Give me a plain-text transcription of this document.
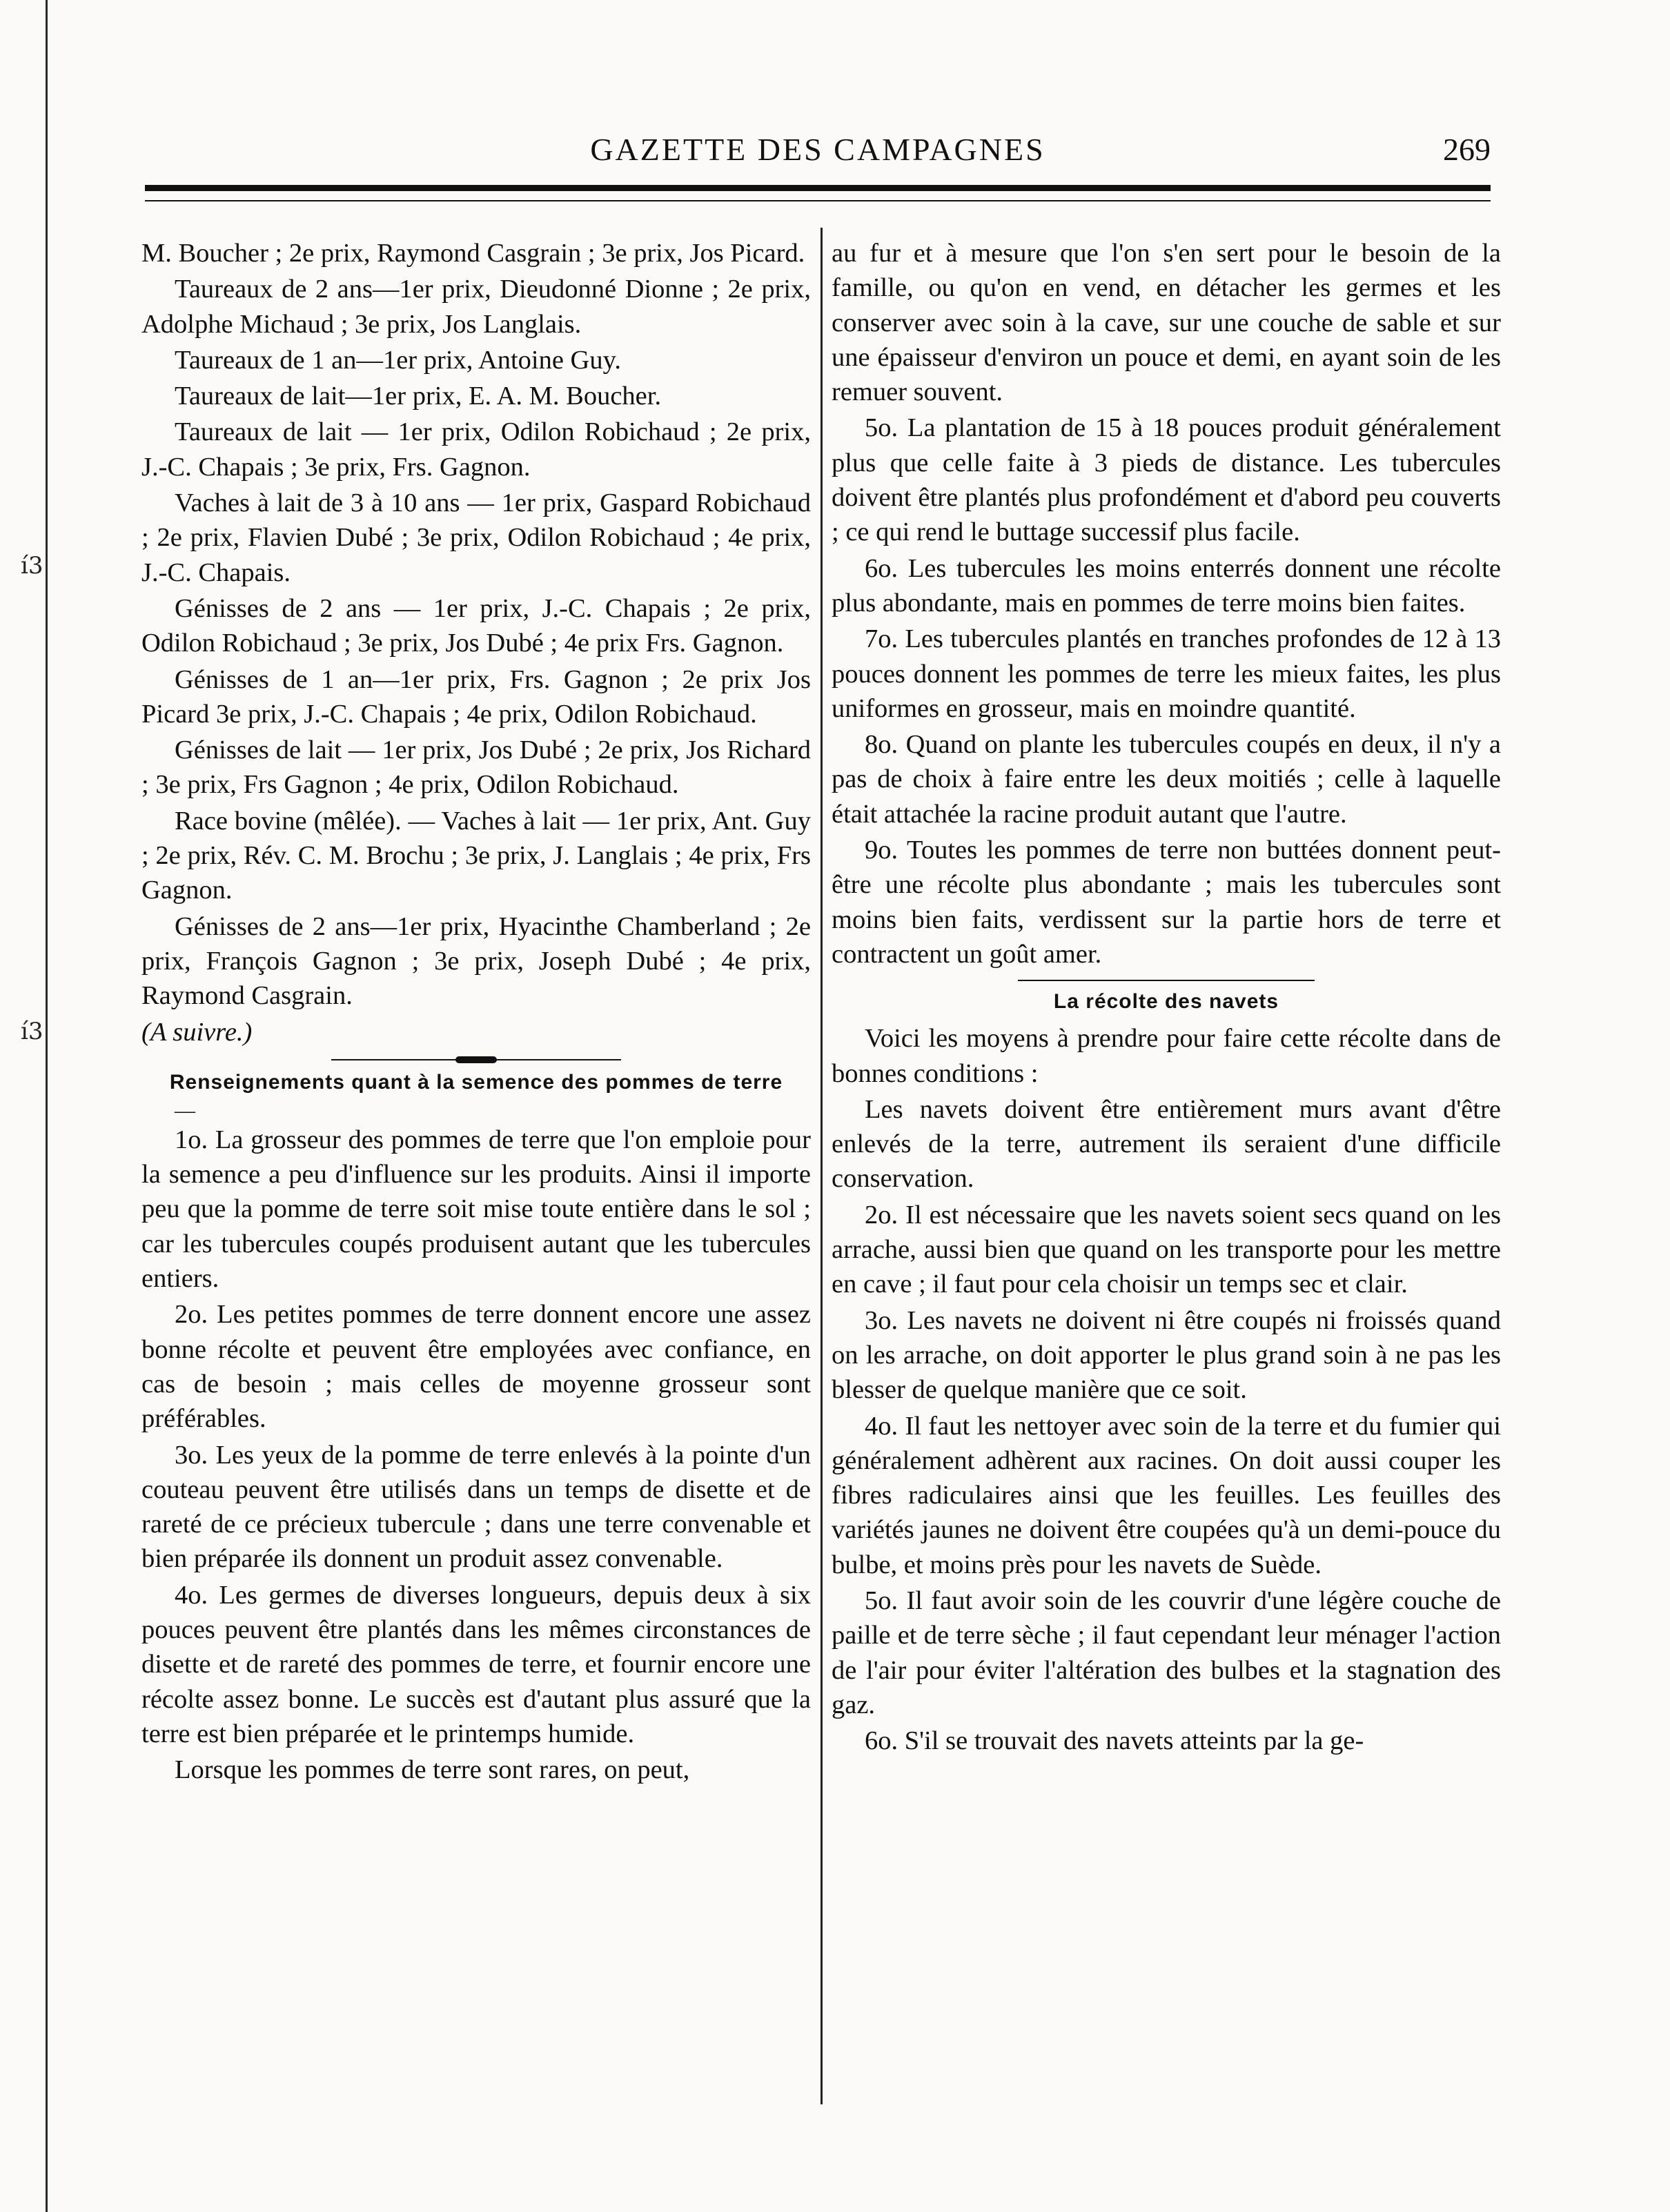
ı́3
ı́3
GAZETTE DES CAMPAGNES	269

M. Boucher ; 2e prix, Raymond Casgrain ; 3e prix, Jos Picard.

Taureaux de 2 ans—1er prix, Dieudonné Dionne ; 2e prix, Adolphe Michaud ; 3e prix, Jos Langlais.

Taureaux de 1 an—1er prix, Antoine Guy.

Taureaux de lait—1er prix, E. A. M. Boucher.

Taureaux de lait — 1er prix, Odilon Robichaud ; 2e prix, J.-C. Chapais ; 3e prix, Frs. Gagnon.

Vaches à lait de 3 à 10 ans — 1er prix, Gaspard Robichaud ; 2e prix, Flavien Dubé ; 3e prix, Odilon Robichaud ; 4e prix, J.-C. Chapais.

Génisses de 2 ans — 1er prix, J.-C. Chapais ; 2e prix, Odilon Robichaud ; 3e prix, Jos Dubé ; 4e prix Frs. Gagnon.

Génisses de 1 an—1er prix, Frs. Gagnon ; 2e prix Jos Picard 3e prix, J.-C. Chapais ; 4e prix, Odilon Robichaud.

Génisses de lait — 1er prix, Jos Dubé ; 2e prix, Jos Richard ; 3e prix, Frs Gagnon ; 4e prix, Odilon Robichaud.

Race bovine (mêlée). — Vaches à lait — 1er prix, Ant. Guy ; 2e prix, Rév. C. M. Brochu ; 3e prix, J. Langlais ; 4e prix, Frs Gagnon.

Génisses de 2 ans—1er prix, Hyacinthe Chamberland ; 2e prix, François Gagnon ; 3e prix, Joseph Dubé ; 4e prix, Raymond Casgrain.

(A suivre.)

Renseignements quant à la semence des pommes de terre

—

1o. La grosseur des pommes de terre que l'on emploie pour la semence a peu d'influence sur les produits. Ainsi il importe peu que la pomme de terre soit mise toute entière dans le sol ; car les tubercules coupés produisent autant que les tubercules entiers.

2o. Les petites pommes de terre donnent encore une assez bonne récolte et peuvent être employées avec confiance, en cas de besoin ; mais celles de moyenne grosseur sont préférables.

3o. Les yeux de la pomme de terre enlevés à la pointe d'un couteau peuvent être utilisés dans un temps de disette et de rareté de ce précieux tubercule ; dans une terre convenable et bien préparée ils donnent un produit assez convenable.

4o. Les germes de diverses longueurs, depuis deux à six pouces peuvent être plantés dans les mêmes circonstances de disette et de rareté des pommes de terre, et fournir encore une récolte assez bonne. Le succès est d'autant plus assuré que la terre est bien préparée et le printemps humide.

Lorsque les pommes de terre sont rares, on peut,

au fur et à mesure que l'on s'en sert pour le besoin de la famille, ou qu'on en vend, en détacher les germes et les conserver avec soin à la cave, sur une couche de sable et sur une épaisseur d'environ un pouce et demi, en ayant soin de les remuer souvent.

5o. La plantation de 15 à 18 pouces produit généralement plus que celle faite à 3 pieds de distance. Les tubercules doivent être plantés plus profondément et d'abord peu couverts ; ce qui rend le buttage successif plus facile.

6o. Les tubercules les moins enterrés donnent une récolte plus abondante, mais en pommes de terre moins bien faites.

7o. Les tubercules plantés en tranches profondes de 12 à 13 pouces donnent les pommes de terre les mieux faites, les plus uniformes en grosseur, mais en moindre quantité.

8o. Quand on plante les tubercules coupés en deux, il n'y a pas de choix à faire entre les deux moitiés ; celle à laquelle était attachée la racine produit autant que l'autre.

9o. Toutes les pommes de terre non buttées donnent peut-être une récolte plus abondante ; mais les tubercules sont moins bien faits, verdissent sur la partie hors de terre et contractent un goût amer.

La récolte des navets

Voici les moyens à prendre pour faire cette récolte dans de bonnes conditions :

Les navets doivent être entièrement murs avant d'être enlevés de la terre, autrement ils seraient d'une difficile conservation.

2o. Il est nécessaire que les navets soient secs quand on les arrache, aussi bien que quand on les transporte pour les mettre en cave ; il faut pour cela choisir un temps sec et clair.

3o. Les navets ne doivent ni être coupés ni froissés quand on les arrache, on doit apporter le plus grand soin à ne pas les blesser de quelque manière que ce soit.

4o. Il faut les nettoyer avec soin de la terre et du fumier qui généralement adhèrent aux racines. On doit aussi couper les fibres radiculaires ainsi que les feuilles. Les feuilles des variétés jaunes ne doivent être coupées qu'à un demi-pouce du bulbe, et moins près pour les navets de Suède.

5o. Il faut avoir soin de les couvrir d'une légère couche de paille et de terre sèche ; il faut cependant leur ménager l'action de l'air pour éviter l'altération des bulbes et la stagnation des gaz.

6o. S'il se trouvait des navets atteints par la ge-
